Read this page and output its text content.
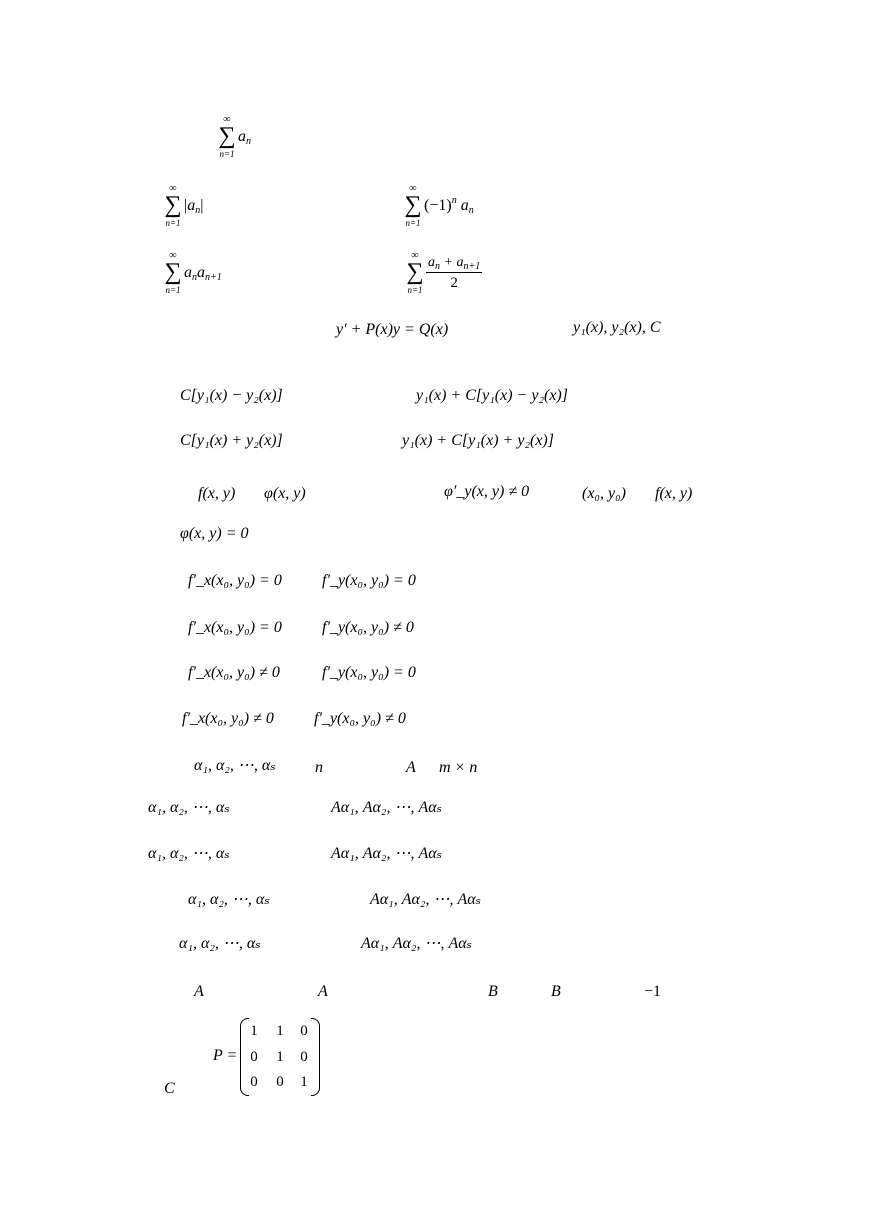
∞
∑
n=1
$a_n$
∞
∑
n=1
$|a_n|$
∞
∑
n=1
$(-1)^n$ $a_n$
∞
∑
n=1
$a_na_{n+1}$
∞
∑
$n=1 \frac{a_n + a_{n+1}}{2}$
y′ + P(x)y = Q(x)	y₁(x), y₂(x), C
C[y₁(x) − y₂(x)]	y₁(x) + C[y₁(x) − y₂(x)]
C[y₁(x) + y₂(x)]	y₁(x) + C[y₁(x) + y₂(x)]
f(x, y) φ(x, y)	φ′_y(x, y) ≠ 0	(x₀, y₀) f(x, y)
φ(x, y) = 0
f′_x(x₀, y₀) = 0	f′_y(x₀, y₀) = 0
f′_x(x₀, y₀) = 0	f′_y(x₀, y₀) ≠ 0
f′_x(x₀, y₀) ≠ 0	f′_y(x₀, y₀) = 0
f′_x(x₀, y₀) ≠ 0	f′_y(x₀, y₀) ≠ 0
α₁, α₂, ⋯, αₛ n	A m × n
α₁, α₂, ⋯, αₛ	Aα₁, Aα₂, ⋯, Aαₛ
α₁, α₂, ⋯, αₛ	Aα₁, Aα₂, ⋯, Aαₛ
α₁, α₂, ⋯, αₛ	Aα₁, Aα₂, ⋯, Aαₛ
α₁, α₂, ⋯, αₛ	Aα₁, Aα₂, ⋯, Aαₛ
A	A	B	B	−1
P =
1	1	0
0	1	0
0	0	1
C
